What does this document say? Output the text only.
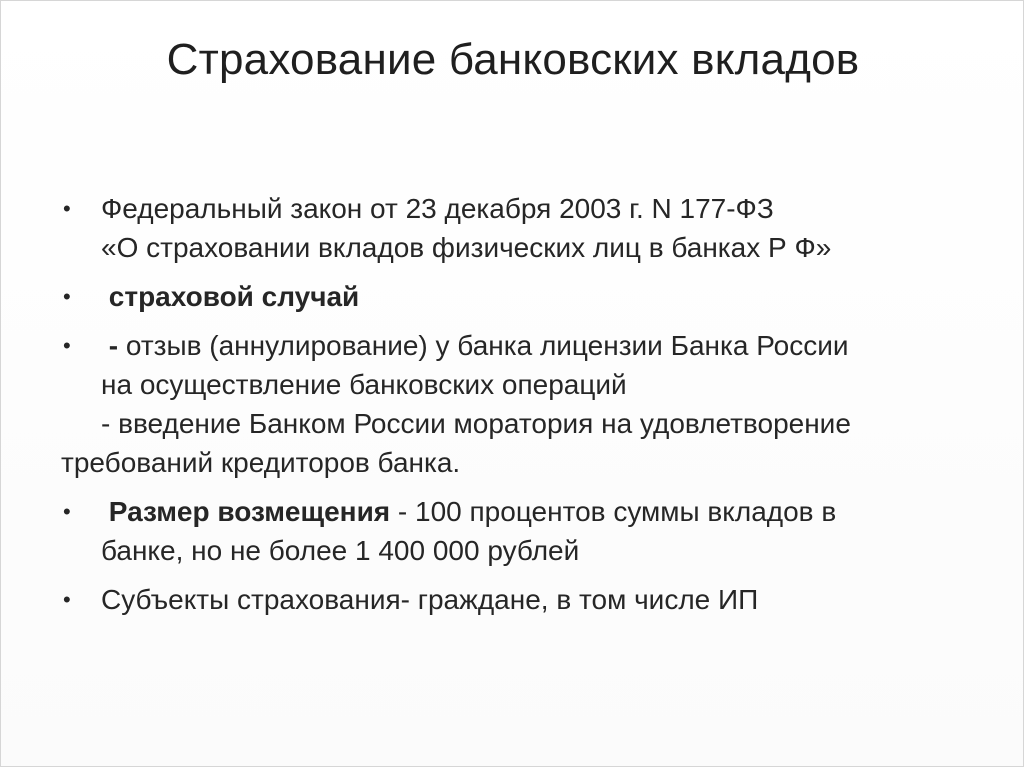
Страхование банковских вкладов
• Федеральный закон от 23 декабря 2003 г. N 177-ФЗ
«О страховании вкладов физических лиц в банках Р Ф»
• страховой случай
• - отзыв (аннулирование) у банка лицензии Банка России
на осуществление банковских операций
- введение Банком России моратория на удовлетворение
требований кредиторов банка.
• Размер возмещения - 100 процентов суммы вкладов в
банке, но не более 1 400 000 рублей
• Субъекты страхования- граждане, в том числе ИП
